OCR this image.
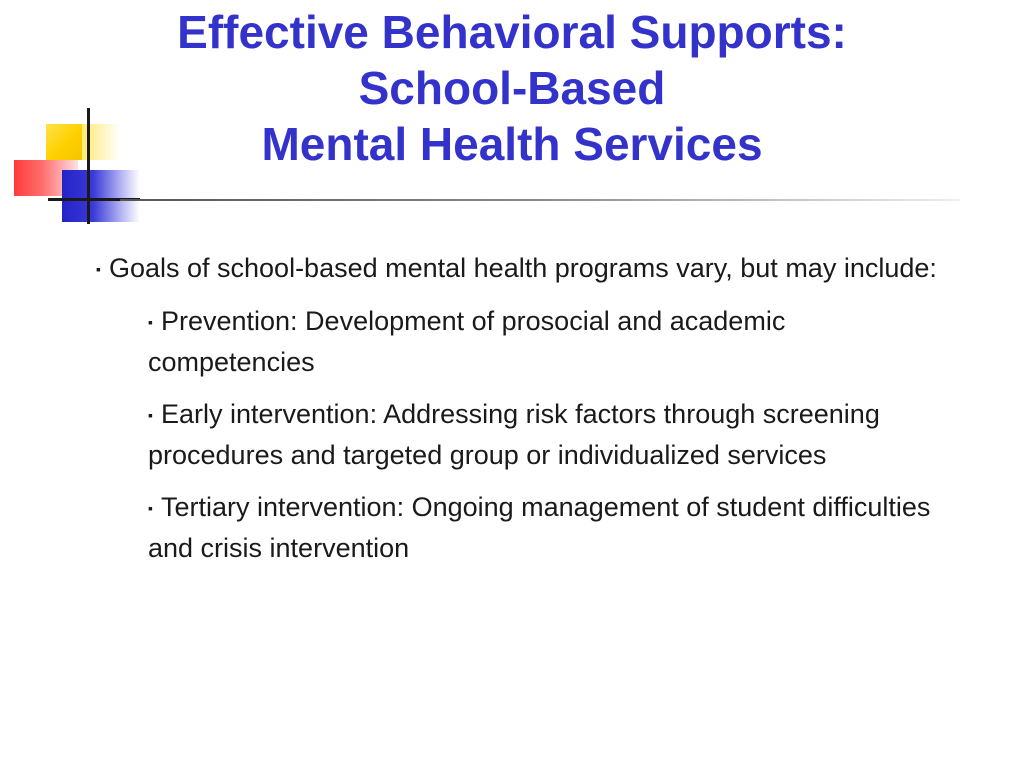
Effective Behavioral Supports:
School-Based
Mental Health Services

▪ Goals of school-based mental health programs vary, but may include:

▪ Prevention: Development of prosocial and academic competencies

▪ Early intervention: Addressing risk factors through screening procedures and targeted group or individualized services

▪ Tertiary intervention: Ongoing management of student difficulties and crisis intervention
